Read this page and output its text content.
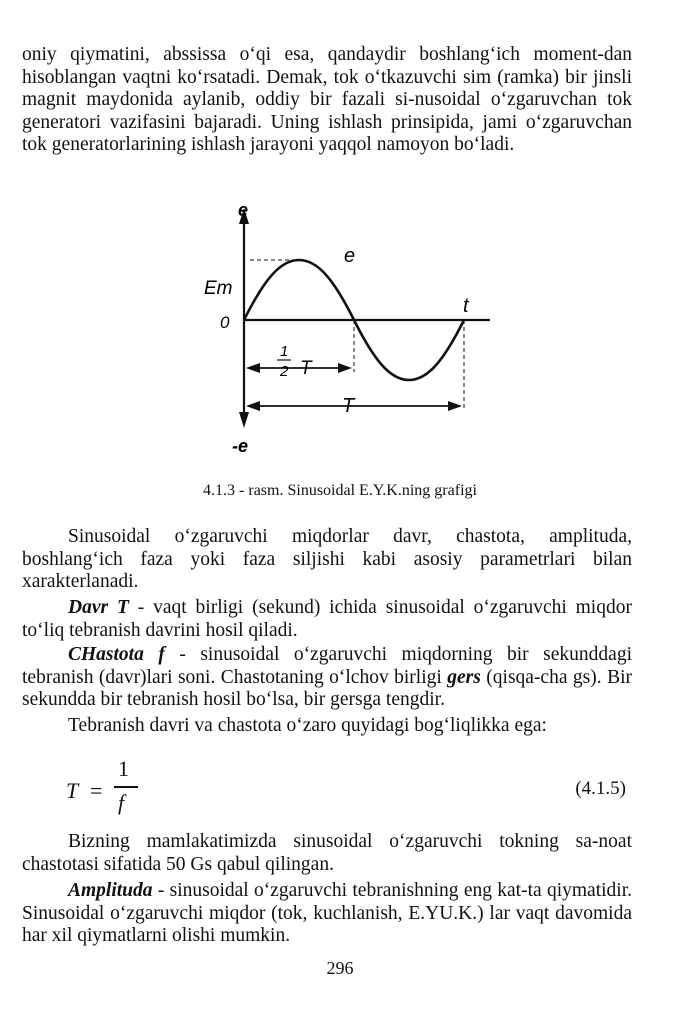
oniy qiymatini, abssissa o‘qi esa, qandaydir boshlang‘ich moment-dan hisoblangan vaqtni ko‘rsatadi. Demak, tok o‘tkazuvchi sim (ramka) bir jinsli magnit maydonida aylanib, oddiy bir fazali si-nusoidal o‘zgaruvchan tok generatori vazifasini bajaradi. Uning ishlash prinsipida, jami o‘zgaruvchan tok generatorlarining ishlash jarayoni yaqqol namoyon bo‘ladi.

e
e
Em
0
t
1
2 T
T
-e
4.1.3 - rasm. Sinusoidal E.Y.K.ning grafigi

Sinusoidal o‘zgaruvchi miqdorlar davr, chastota, amplituda, boshlang‘ich faza yoki faza siljishi kabi asosiy parametrlari bilan xarakterlanadi.

Davr T - vaqt birligi (sekund) ichida sinusoidal o‘zgaruvchi miqdor to‘liq tebranish davrini hosil qiladi.

CHastota f - sinusoidal o‘zgaruvchi miqdorning bir sekunddagi tebranish (davr)lari soni. Chastotaning o‘lchov birligi gers (qisqa-cha gs). Bir sekundda bir tebranish hosil bo‘lsa, bir gersga tengdir.

Tebranish davri va chastota o‘zaro quyidagi bog‘liqlikka ega:

T =
1
f
(4.1.5)

Bizning mamlakatimizda sinusoidal o‘zgaruvchi tokning sa-noat chastotasi sifatida 50 Gs qabul qilingan.

Amplituda - sinusoidal o‘zgaruvchi tebranishning eng kat-ta qiymatidir. Sinusoidal o‘zgaruvchi miqdor (tok, kuchlanish, E.YU.K.) lar vaqt davomida har xil qiymatlarni olishi mumkin.

296
